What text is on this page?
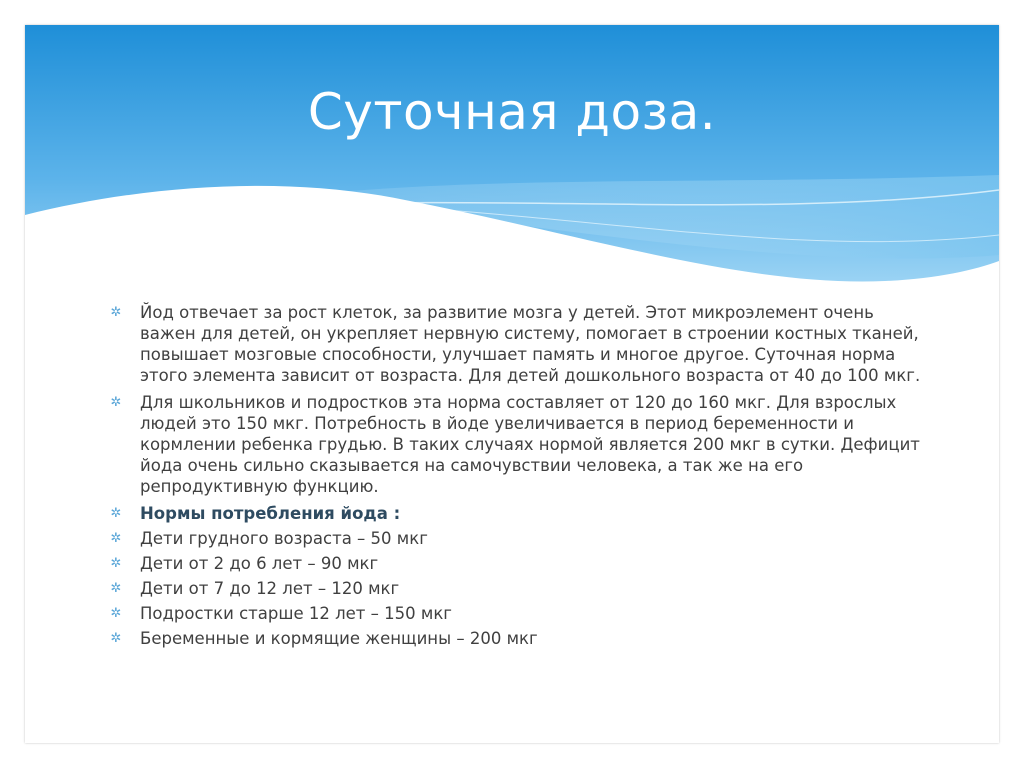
Суточная доза.
✲ Йод отвечает за рост клеток, за развитие мозга у детей. Этот микроэлемент очень важен для детей, он укрепляет нервную систему, помогает в строении костных тканей, повышает мозговые способности, улучшает память и многое другое. Суточная норма этого элемента зависит от возраста. Для детей дошкольного возраста от 40 до 100 мкг.
✲ Для школьников и подростков эта норма составляет от 120 до 160 мкг. Для взрослых людей это 150 мкг. Потребность в йоде увеличивается в период беременности и кормлении ребенка грудью. В таких случаях нормой является 200 мкг в сутки. Дефицит йода очень сильно сказывается на самочувствии человека, а так же на его репродуктивную функцию.
✲ Нормы потребления йода :
✲ Дети грудного возраста – 50 мкг
✲ Дети от 2 до 6 лет – 90 мкг
✲ Дети от 7 до 12 лет – 120 мкг
✲ Подростки старше 12 лет – 150 мкг
✲ Беременные и кормящие женщины – 200 мкг
